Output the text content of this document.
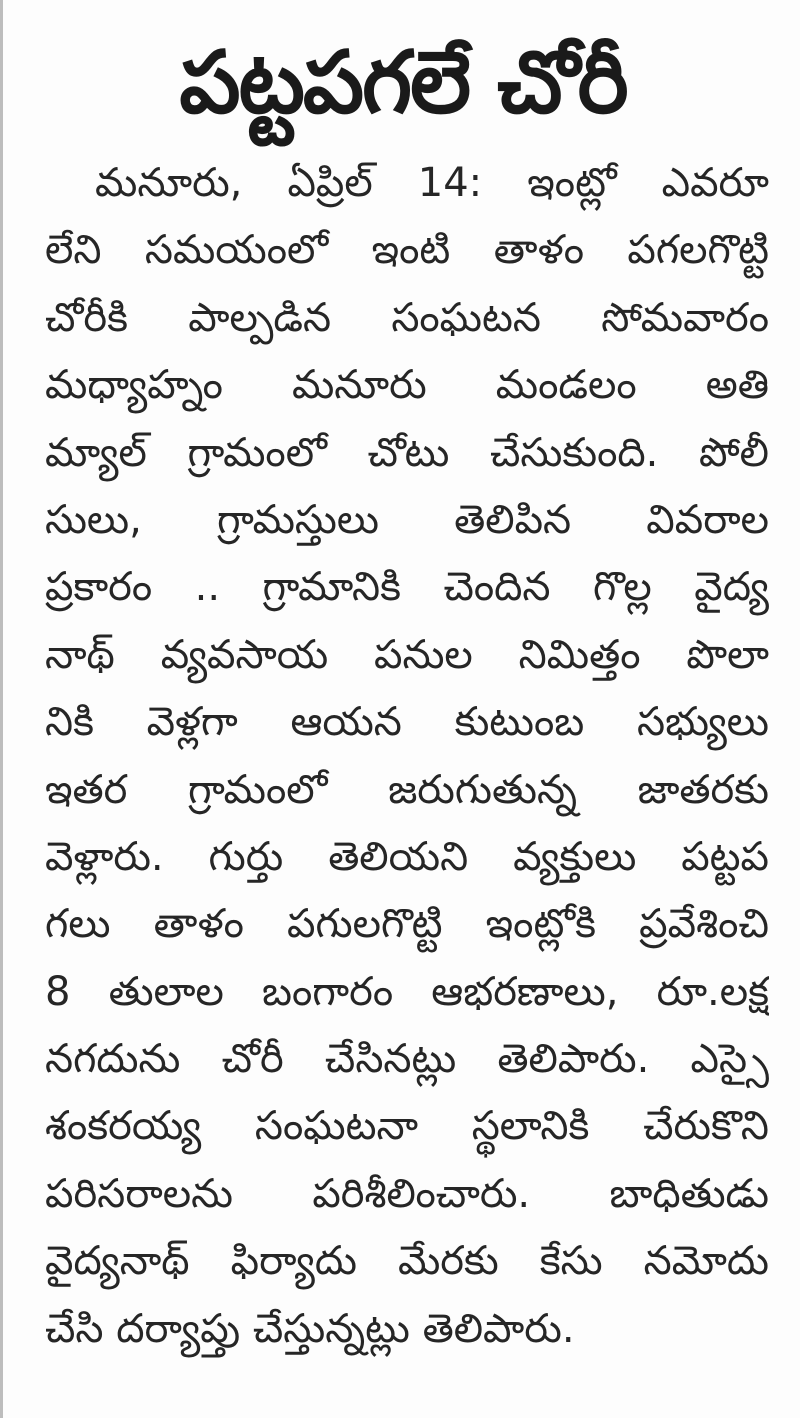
పట్టపగలే చోరీ
మనూరు, ఏప్రిల్ 14: ఇంట్లో ఎవరూ
లేని సమయంలో ఇంటి తాళం పగలగొట్టి
చోరీకి పాల్పడిన సంఘటన సోమవారం
మధ్యాహ్నం మనూరు మండలం అతి
మ్యాల్ గ్రామంలో చోటు చేసుకుంది. పోలీ
సులు, గ్రామస్తులు తెలిపిన వివరాల
ప్రకారం .. గ్రామానికి చెందిన గొల్ల వైద్య
నాథ్ వ్యవసాయ పనుల నిమిత్తం పొలా
నికి వెళ్లగా ఆయన కుటుంబ సభ్యులు
ఇతర గ్రామంలో జరుగుతున్న జాతరకు
వెళ్లారు. గుర్తు తెలియని వ్యక్తులు పట్టప
గలు తాళం పగులగొట్టి ఇంట్లోకి ప్రవేశించి
8 తులాల బంగారం ఆభరణాలు, రూ.లక్ష
నగదును చోరీ చేసినట్లు తెలిపారు. ఎస్సై
శంకరయ్య సంఘటనా స్థలానికి చేరుకొని
పరిసరాలను పరిశీలించారు. బాధితుడు
వైద్యనాథ్ ఫిర్యాదు మేరకు కేసు నమోదు
చేసి దర్యాప్తు చేస్తున్నట్లు తెలిపారు.
